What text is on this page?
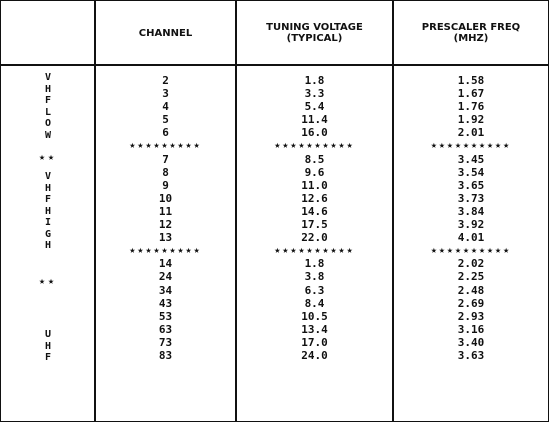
CHANNEL	TUNING VOLTAGE
(TYPICAL)
PRESCALER FREQ
(MHZ)
V
H
F
L
O
W
★★
V
H
F
H
I
G
H
★★
U
H
F
2
3
4
5
6
★★★★★★★★★
7
8
9
10
11
12
13
★★★★★★★★★
14
24
34
43
53
63
73
83
1.8
3.3
5.4
11.4
16.0
★★★★★★★★★★
8.5
9.6
11.0
12.6
14.6
17.5
22.0
★★★★★★★★★★
1.8
3.8
6.3
8.4
10.5
13.4
17.0
24.0
1.58
1.67
1.76
1.92
2.01
★★★★★★★★★★
3.45
3.54
3.65
3.73
3.84
3.92
4.01
★★★★★★★★★★
2.02
2.25
2.48
2.69
2.93
3.16
3.40
3.63
